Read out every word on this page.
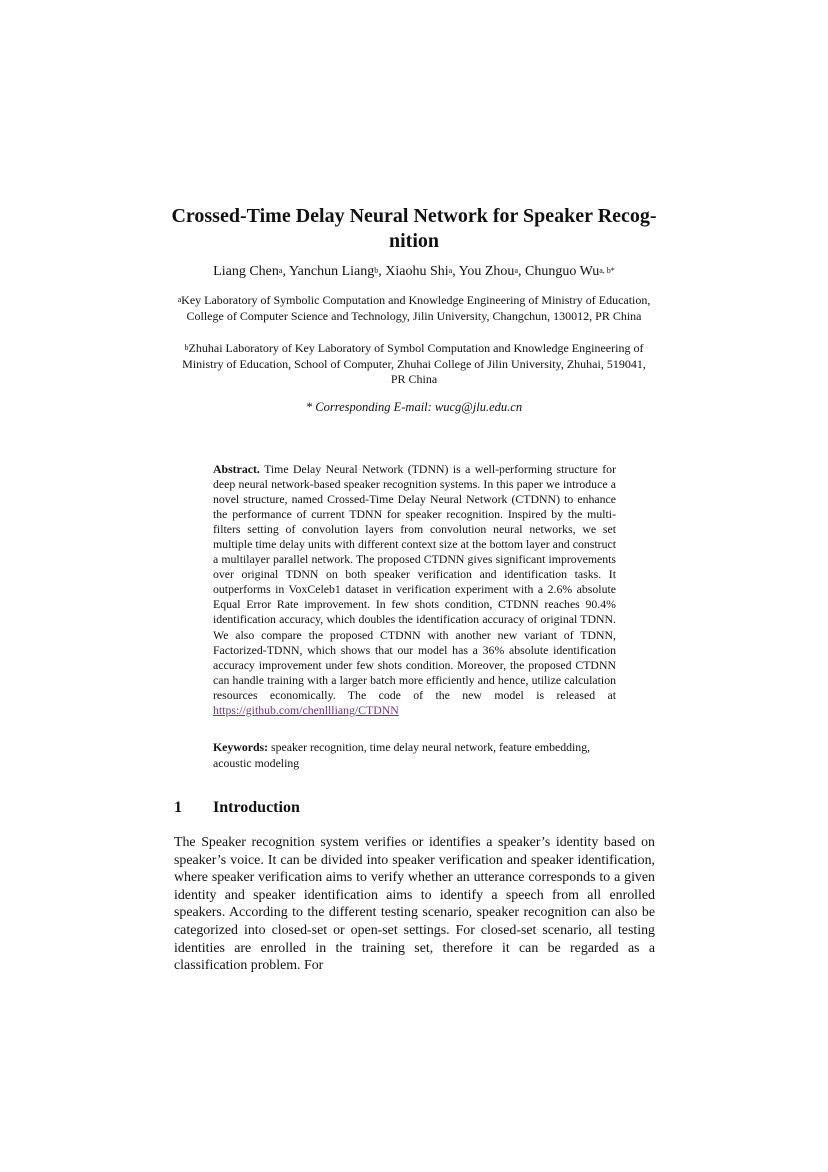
Crossed-Time Delay Neural Network for Speaker Recog-nition
Liang Chen$^a$, Yanchun Liang$^b$, Xiaohu Shi$^a$, You Zhou$^a$, Chunguo $Wu^{a, b*}$
$^a$Key Laboratory of Symbolic Computation and Knowledge Engineering of Ministry of Education, College of Computer Science and Technology, Jilin University, Changchun, 130012, PR China
$^b$Zhuhai Laboratory of Key Laboratory of Symbol Computation and Knowledge Engineering of Ministry of Education, School of Computer, Zhuhai College of Jilin University, Zhuhai, 519041, PR China
* Corresponding E-mail: wucg@jlu.edu.cn
Abstract. Time Delay Neural Network (TDNN) is a well-performing structure for deep neural network-based speaker recognition systems. In this paper we introduce a novel structure, named Crossed-Time Delay Neural Network (CTDNN) to enhance the performance of current TDNN for speaker recognition. Inspired by the multi-filters setting of convolution layers from convolution neural networks, we set multiple time delay units with different context size at the bottom layer and construct a multilayer parallel network. The proposed CTDNN gives significant improvements over original TDNN on both speaker verification and identification tasks. It outperforms in VoxCeleb1 dataset in verification experiment with a 2.6% absolute Equal Error Rate improvement. In few shots condition, CTDNN reaches 90.4% identification accuracy, which doubles the identification accuracy of original TDNN. We also compare the proposed CTDNN with another new variant of TDNN, Factorized-TDNN, which shows that our model has a 36% absolute identification accuracy improvement under few shots condition. Moreover, the proposed CTDNN can handle training with a larger batch more efficiently and hence, utilize calculation resources economically. The code of the new model is released at https://github.com/chenllliang/CTDNN
Keywords: speaker recognition, time delay neural network, feature embedding, acoustic modeling
1 Introduction
The Speaker recognition system verifies or identifies a speaker’s identity based on speaker’s voice. It can be divided into speaker verification and speaker identification, where speaker verification aims to verify whether an utterance corresponds to a given identity and speaker identification aims to identify a speech from all enrolled speakers. According to the different testing scenario, speaker recognition can also be categorized into closed-set or open-set settings. For closed-set scenario, all testing identities are enrolled in the training set, therefore it can be regarded as a classification problem. For
